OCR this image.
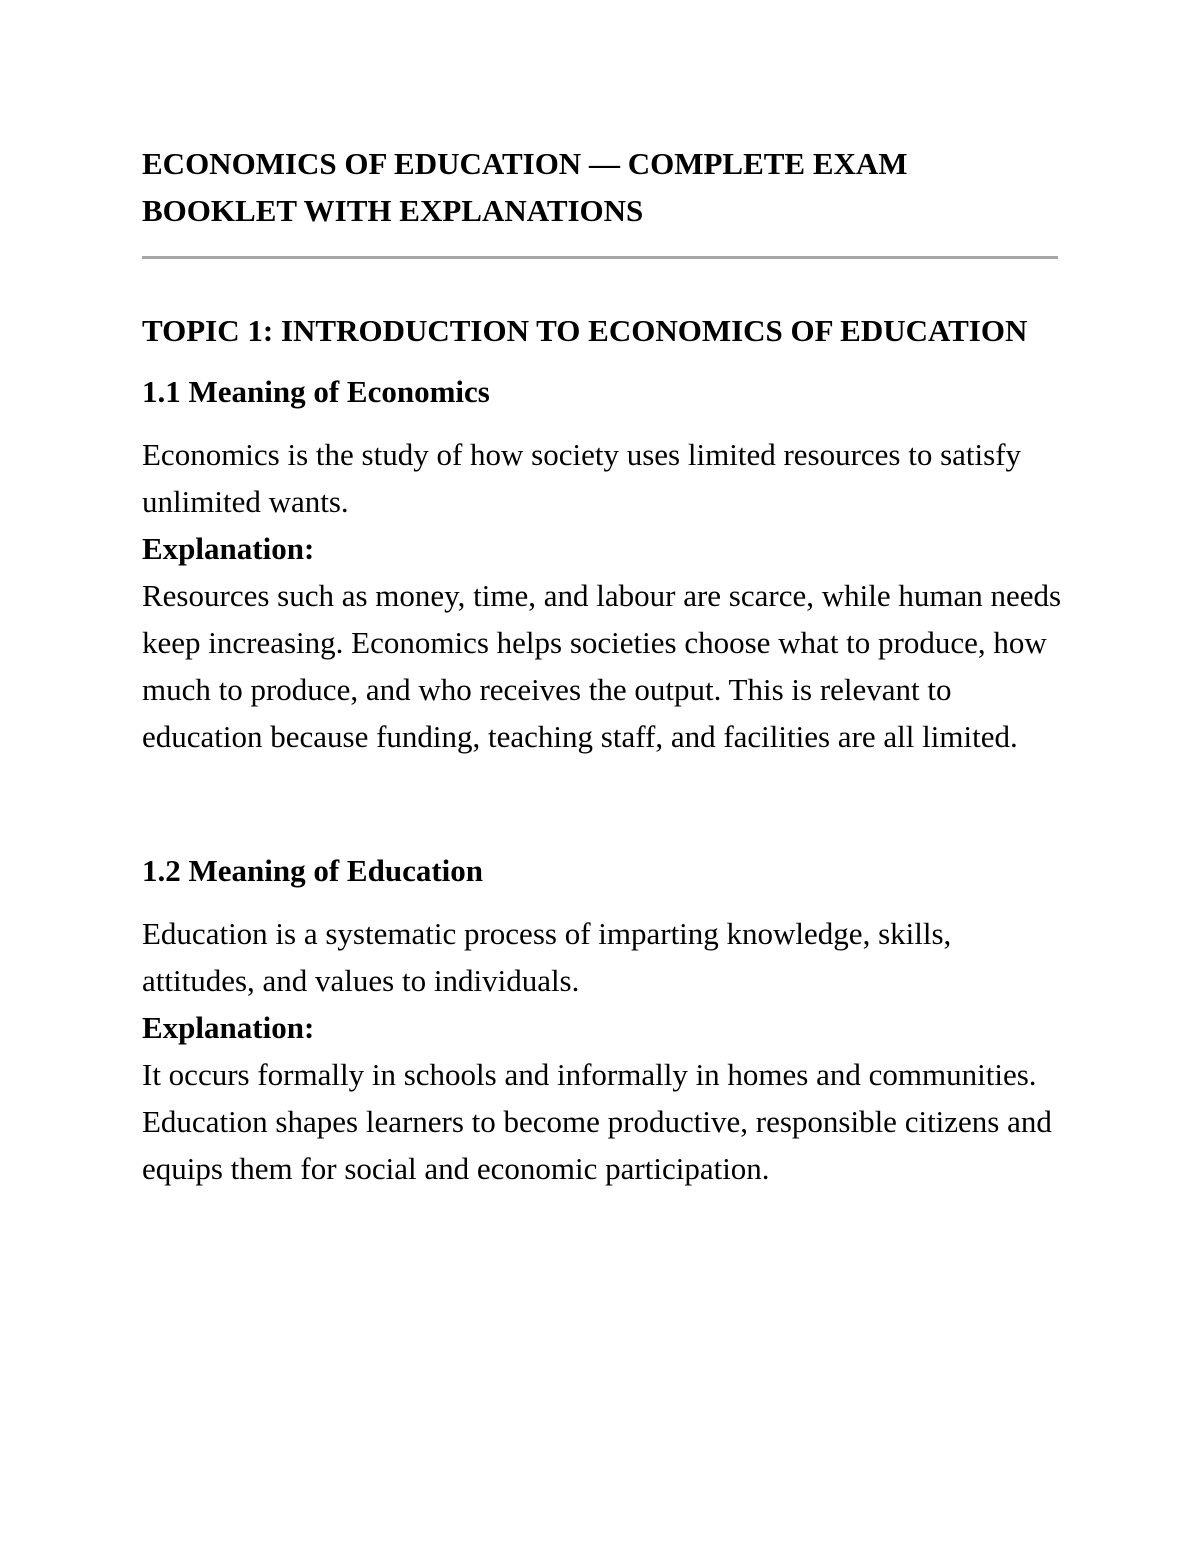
ECONOMICS OF EDUCATION — COMPLETE EXAM BOOKLET WITH EXPLANATIONS
TOPIC 1: INTRODUCTION TO ECONOMICS OF EDUCATION
1.1 Meaning of Economics

Economics is the study of how society uses limited resources to satisfy unlimited wants.

Explanation:

Resources such as money, time, and labour are scarce, while human needs keep increasing. Economics helps societies choose what to produce, how much to produce, and who receives the output. This is relevant to education because funding, teaching staff, and facilities are all limited.

1.2 Meaning of Education

Education is a systematic process of imparting knowledge, skills, attitudes, and values to individuals.

Explanation:

It occurs formally in schools and informally in homes and communities. Education shapes learners to become productive, responsible citizens and equips them for social and economic participation.
